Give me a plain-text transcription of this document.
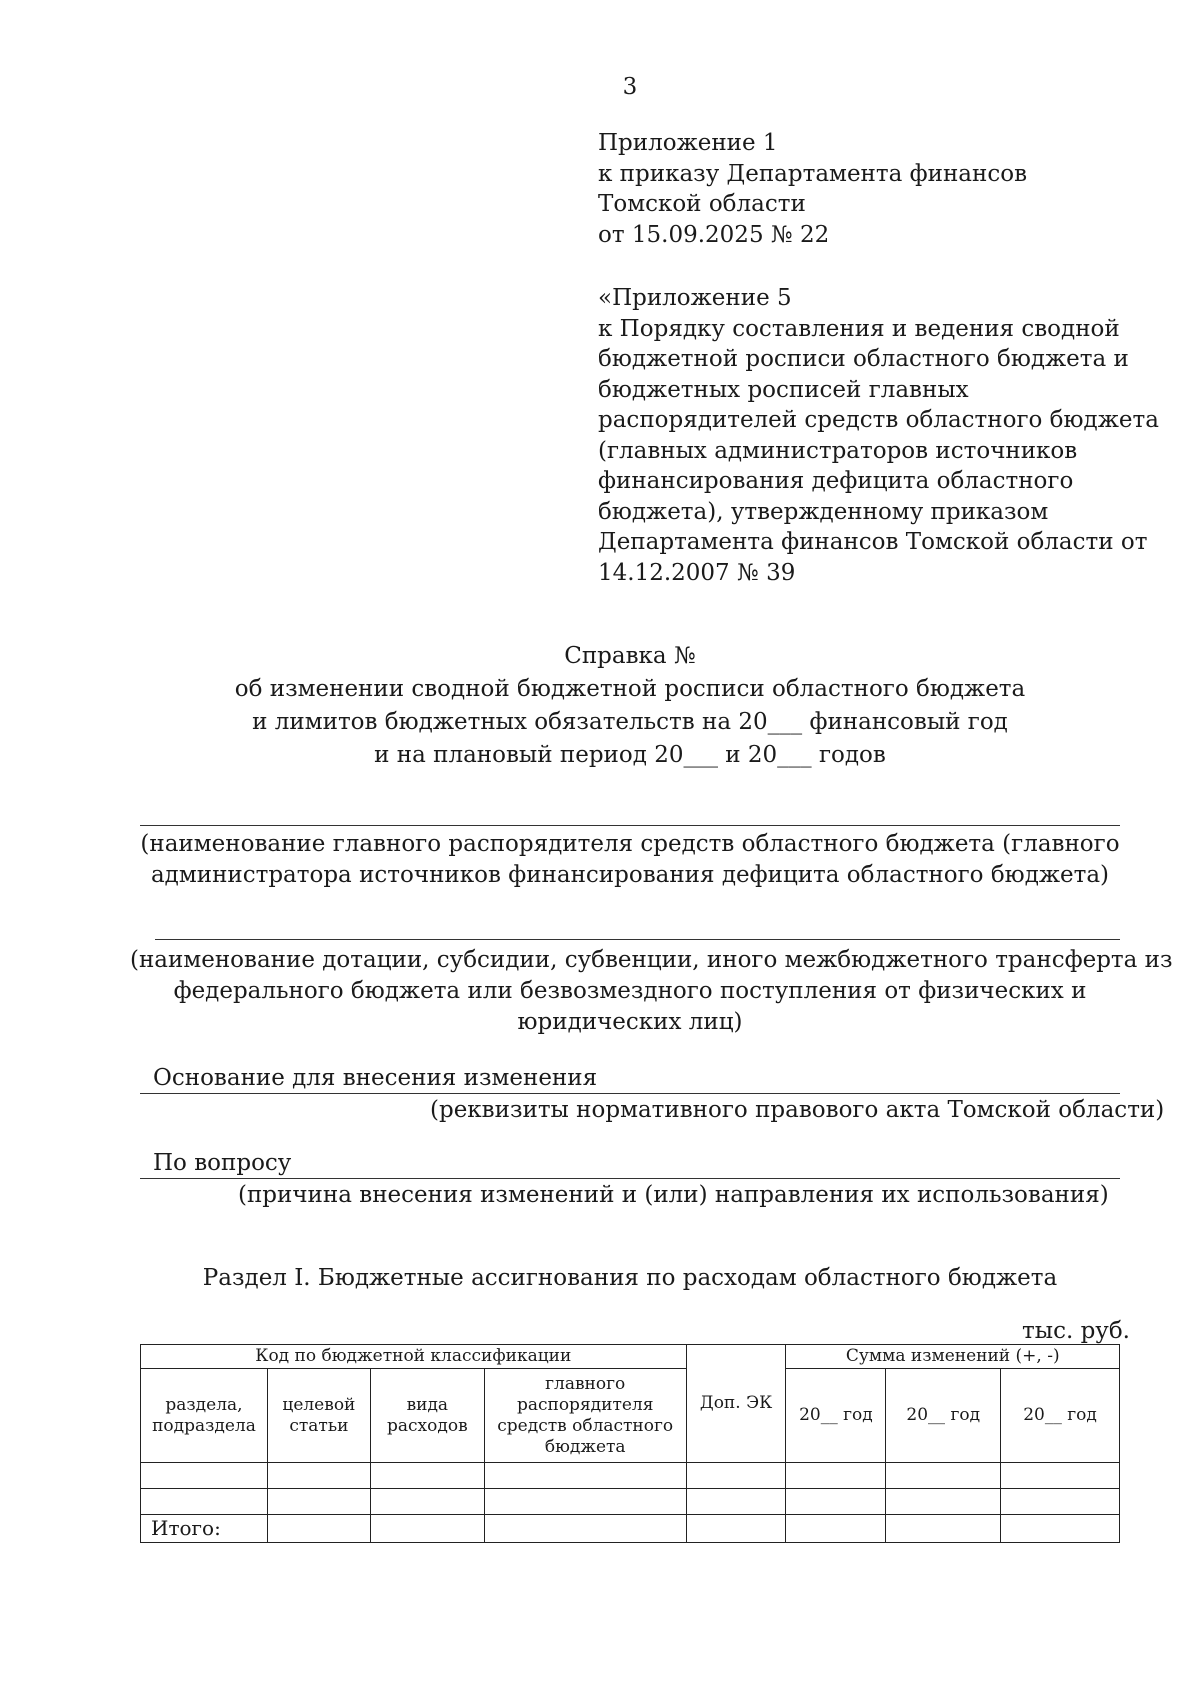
3
Приложение 1
к приказу Департамента финансов
Томской области
от 15.09.2025 № 22
«Приложение 5
к Порядку составления и ведения сводной
бюджетной росписи областного бюджета и
бюджетных росписей главных
распорядителей средств областного бюджета
(главных администраторов источников
финансирования дефицита областного
бюджета), утвержденному приказом
Департамента финансов Томской области от
14.12.2007 № 39
Справка №
об изменении сводной бюджетной росписи областного бюджета
и лимитов бюджетных обязательств на 20___ финансовый год
и на плановый период 20___ и 20___ годов
(наименование главного распорядителя средств областного бюджета (главного
администратора источников финансирования дефицита областного бюджета)
(наименование дотации, субсидии, субвенции, иного межбюджетного трансферта из
федерального бюджета или безвозмездного поступления от физических и
юридических лиц)
Основание для внесения изменения
(реквизиты нормативного правового акта Томской области)
По вопросу
(причина внесения изменений и (или) направления их использования)
Раздел I. Бюджетные ассигнования по расходам областного бюджета
тыс. руб.
Код по бюджетной классификации				Доп. ЭК	Сумма изменений (+, -)		
раздела, подраздела	целевой статьи	вида расходов	главного распорядителя средств областного бюджета		20__ год	20__ год	20__ год

Итого:							
